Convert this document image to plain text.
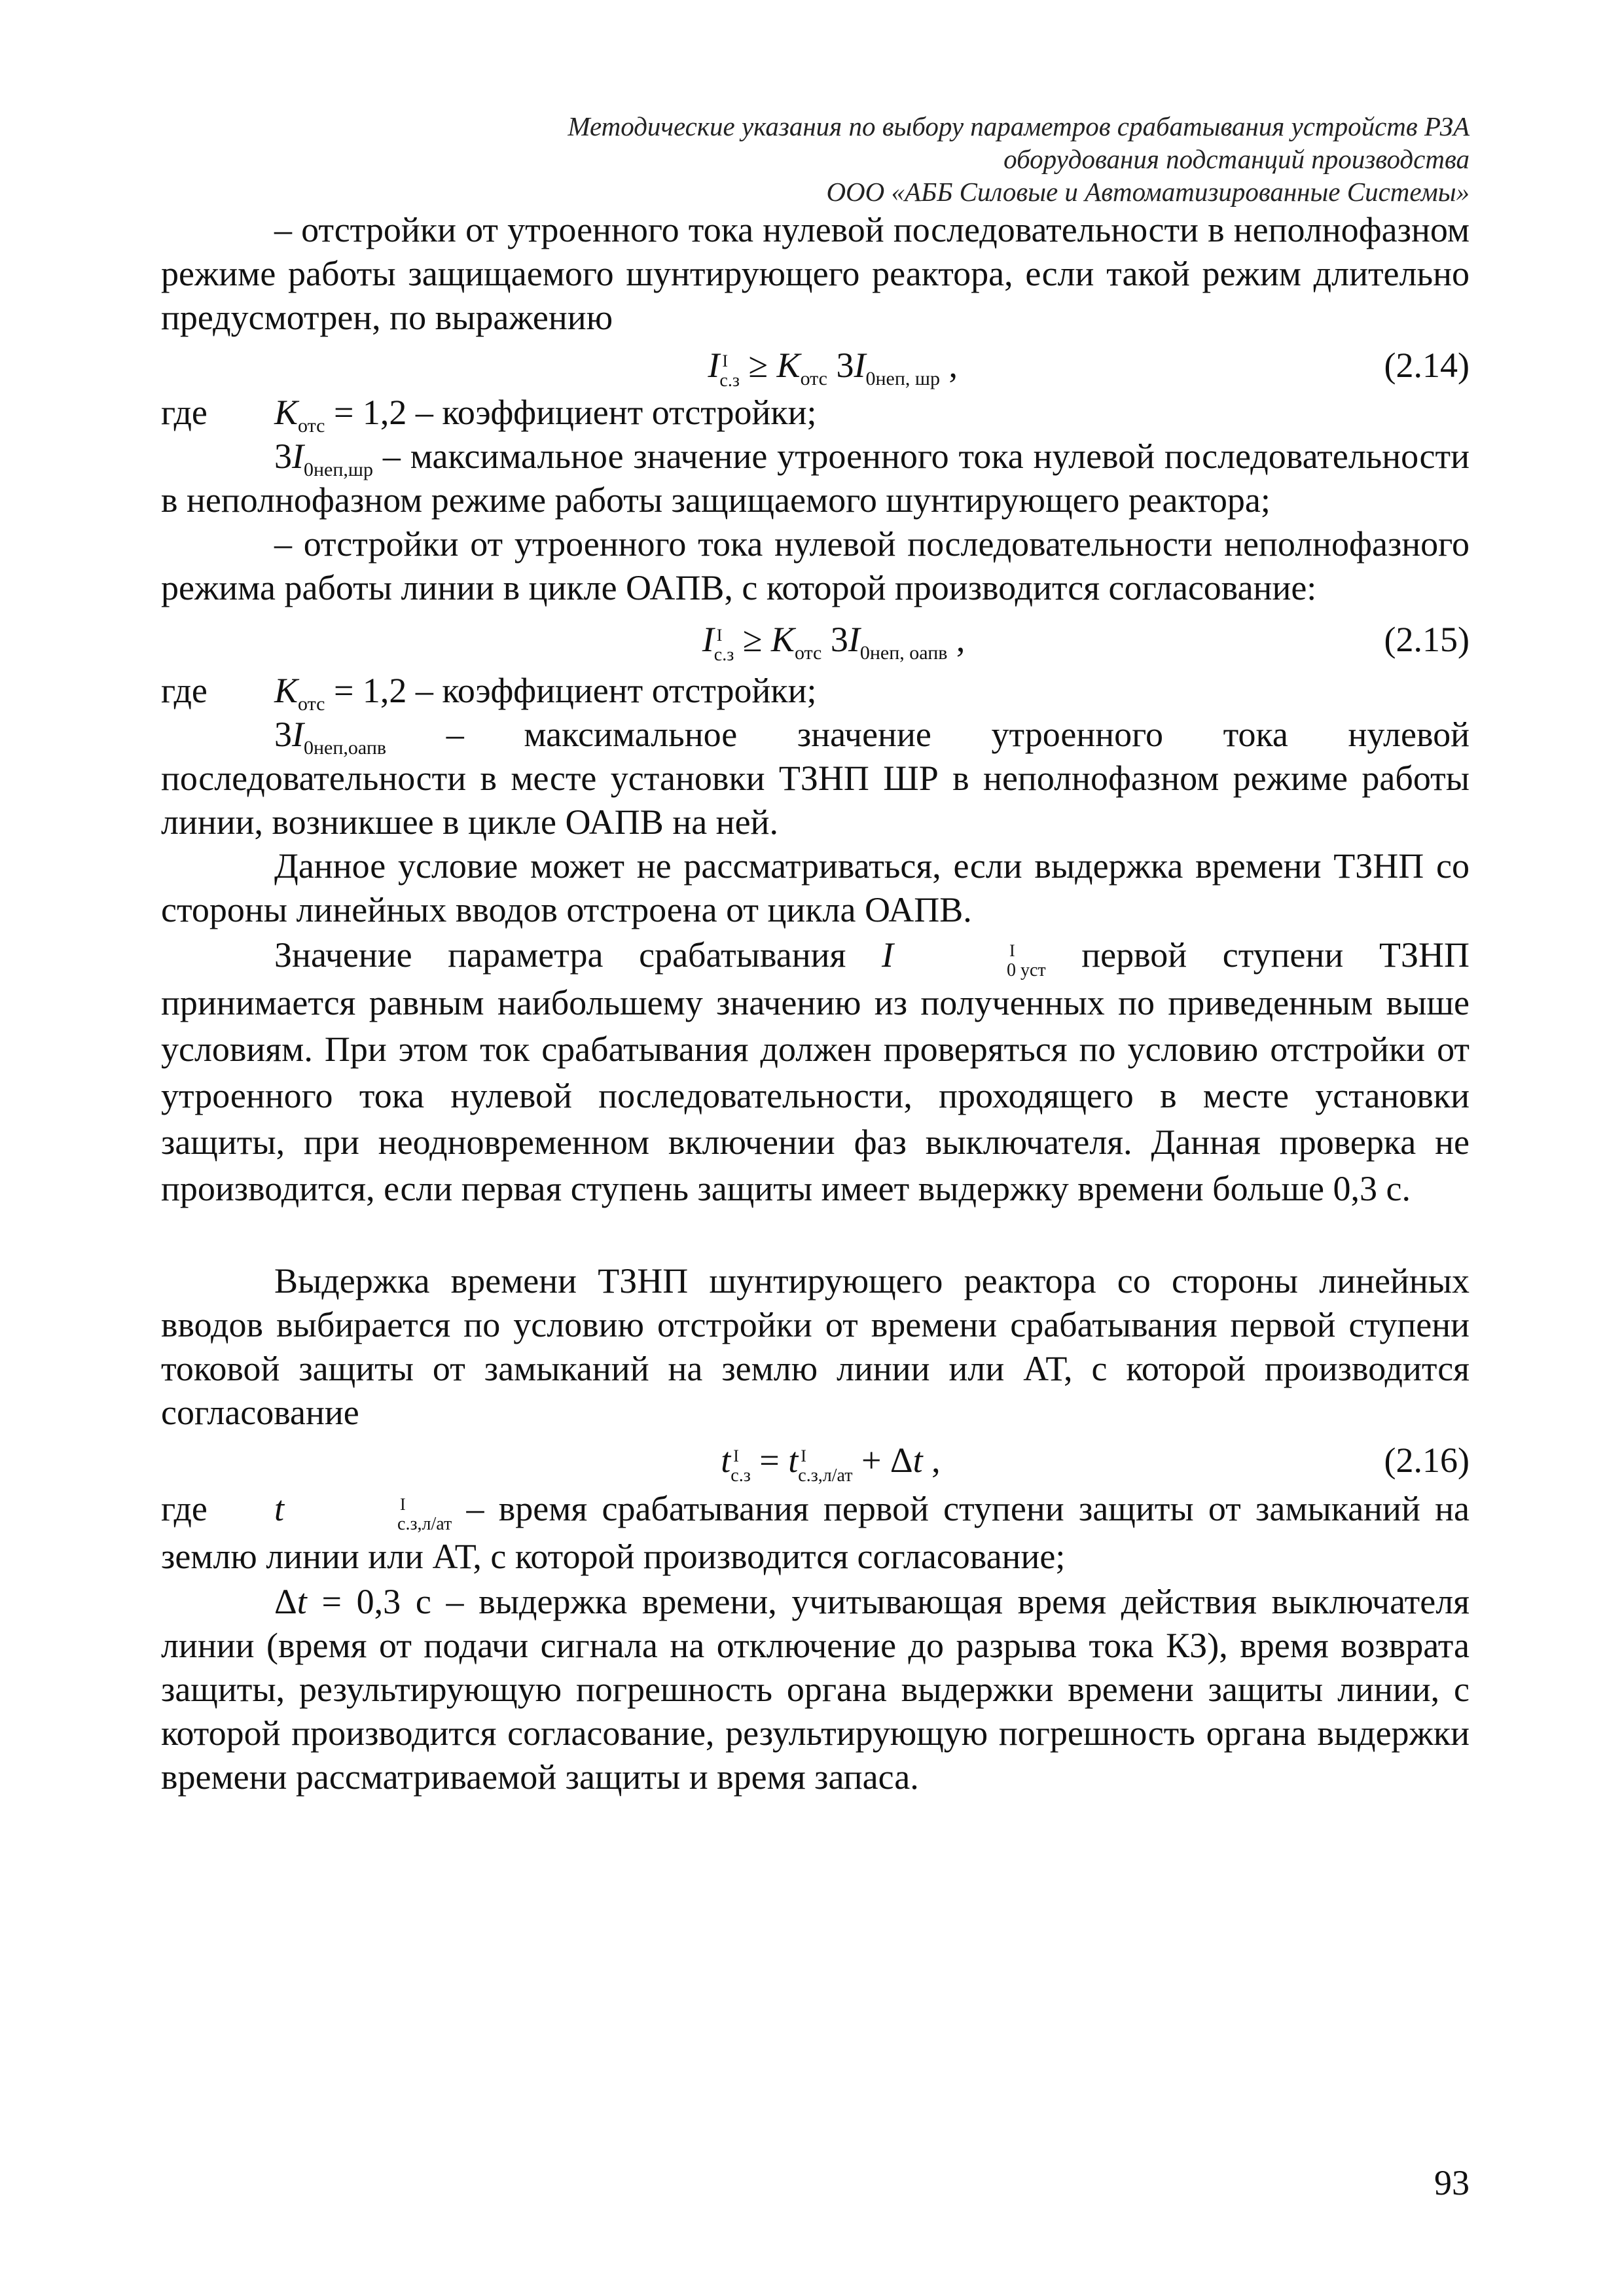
Методические указания по выбору параметров срабатывания устройств РЗА
оборудования подстанций производства
ООО «АББ Силовые и Автоматизированные Системы»
– отстройки от утроенного тока нулевой последовательности в неполнофазном режиме работы защищаемого шунтирующего реактора, если такой режим длительно предусмотрен, по выражению
I I
$с.з \ge K_{отс}$ $3I_{0неп, шр}$ ,	(2.14)
где	$K_{отс} = 1,2$ – коэффициент отстройки;
$3I_{0неп,шр}$ – максимальное значение утроенного тока нулевой последовательности в неполнофазном режиме работы защищаемого шунтирующего реактора;
– отстройки от утроенного тока нулевой последовательности неполнофазного режима работы линии в цикле ОАПВ, с которой производится согласование:
I I
$с.з \ge K_{отс}$ $3I_{0неп, оапв}$ ,	(2.15)
где	$K_{отс} = 1,2$ – коэффициент отстройки;
$3I_{0неп,оапв}$ – максимальное значение утроенного тока нулевой последовательности в месте установки ТЗНП ШР в неполнофазном режиме работы линии, возникшее в цикле ОАПВ на ней.
Данное условие может не рассматриваться, если выдержка времени ТЗНП со стороны линейных вводов отстроена от цикла ОАПВ.
Значение параметра срабатывания I	I
0 уст первой ступени ТЗНП принимается равным наибольшему значению из полученных по приведенным выше условиям. При этом ток срабатывания должен проверяться по условию отстройки от утроенного тока нулевой последовательности, проходящего в месте установки защиты, при неодновременном включении фаз выключателя. Данная проверка не производится, если первая ступень защиты имеет выдержку времени больше 0,3 с.
Выдержка времени ТЗНП шунтирующего реактора со стороны линейных вводов выбирается по условию отстройки от времени срабатывания первой ступени токовой защиты от замыканий на землю линии или АТ, с которой производится согласование
t I
с.з = t I
с.з,л/ат + Δt ,	(2.16)
где	t	I
с.з,л/ат – время срабатывания первой ступени защиты от замыканий на землю линии или АТ, с которой производится согласование;
Δt = 0,3 с – выдержка времени, учитывающая время действия выключателя линии (время от подачи сигнала на отключение до разрыва тока КЗ), время возврата защиты, результирующую погрешность органа выдержки времени защиты линии, с которой производится согласование, результирующую погрешность органа выдержки времени рассматриваемой защиты и время запаса.
93
